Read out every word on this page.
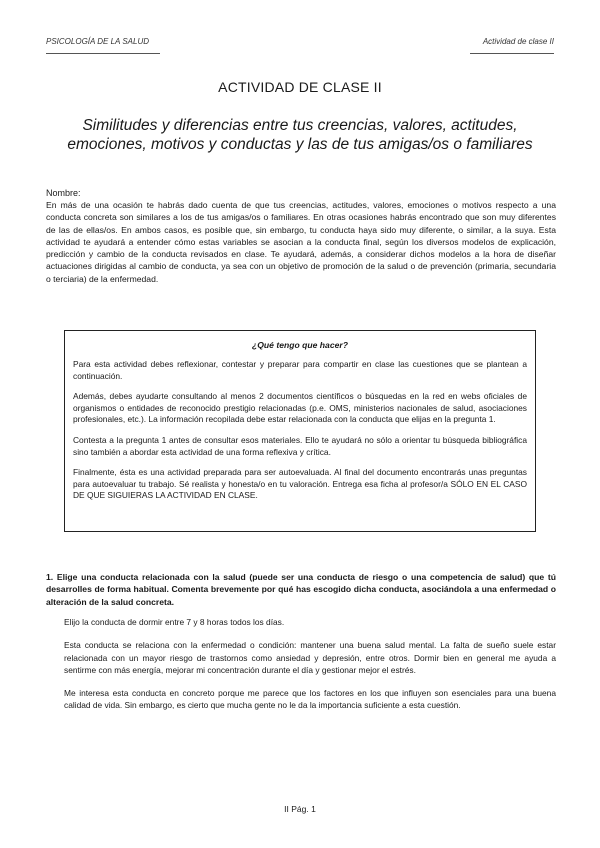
PSICOLOGÍA DE LA SALUD	Actividad de clase II
ACTIVIDAD DE CLASE II
Similitudes y diferencias entre tus creencias, valores, actitudes, emociones, motivos y conductas y las de tus amigas/os o familiares
Nombre:
En más de una ocasión te habrás dado cuenta de que tus creencias, actitudes, valores, emociones o motivos respecto a una conducta concreta son similares a los de tus amigas/os o familiares. En otras ocasiones habrás encontrado que son muy diferentes de las de ellas/os. En ambos casos, es posible que, sin embargo, tu conducta haya sido muy diferente, o similar, a la suya. Esta actividad te ayudará a entender cómo estas variables se asocian a la conducta final, según los diversos modelos de explicación, predicción y cambio de la conducta revisados en clase. Te ayudará, además, a considerar dichos modelos a la hora de diseñar actuaciones dirigidas al cambio de conducta, ya sea con un objetivo de promoción de la salud o de prevención (primaria, secundaria o terciaria) de la enfermedad.
¿Qué tengo que hacer?

Para esta actividad debes reflexionar, contestar y preparar para compartir en clase las cuestiones que se plantean a continuación.

Además, debes ayudarte consultando al menos 2 documentos científicos o búsquedas en la red en webs oficiales de organismos o entidades de reconocido prestigio relacionadas (p.e. OMS, ministerios nacionales de salud, asociaciones profesionales, etc.). La información recopilada debe estar relacionada con la conducta que elijas en la pregunta 1.

Contesta a la pregunta 1 antes de consultar esos materiales. Ello te ayudará no sólo a orientar tu búsqueda bibliográfica sino también a abordar esta actividad de una forma reflexiva y crítica.

Finalmente, ésta es una actividad preparada para ser autoevaluada. Al final del documento encontrarás unas preguntas para autoevaluar tu trabajo. Sé realista y honesta/o en tu valoración. Entrega esa ficha al profesor/a SÓLO EN EL CASO DE QUE SIGUIERAS LA ACTIVIDAD EN CLASE.

1. Elige una conducta relacionada con la salud (puede ser una conducta de riesgo o una competencia de salud) que tú desarrolles de forma habitual. Comenta brevemente por qué has escogido dicha conducta, asociándola a una enfermedad o alteración de la salud concreta.

Elijo la conducta de dormir entre 7 y 8 horas todos los días.

Esta conducta se relaciona con la enfermedad o condición: mantener una buena salud mental. La falta de sueño suele estar relacionada con un mayor riesgo de trastornos como ansiedad y depresión, entre otros. Dormir bien en general me ayuda a sentirme con más energía, mejorar mi concentración durante el día y gestionar mejor el estrés.

Me interesa esta conducta en concreto porque me parece que los factores en los que influyen son esenciales para una buena calidad de vida. Sin embargo, es cierto que mucha gente no le da la importancia suficiente a esta cuestión.

II Pág. 1
